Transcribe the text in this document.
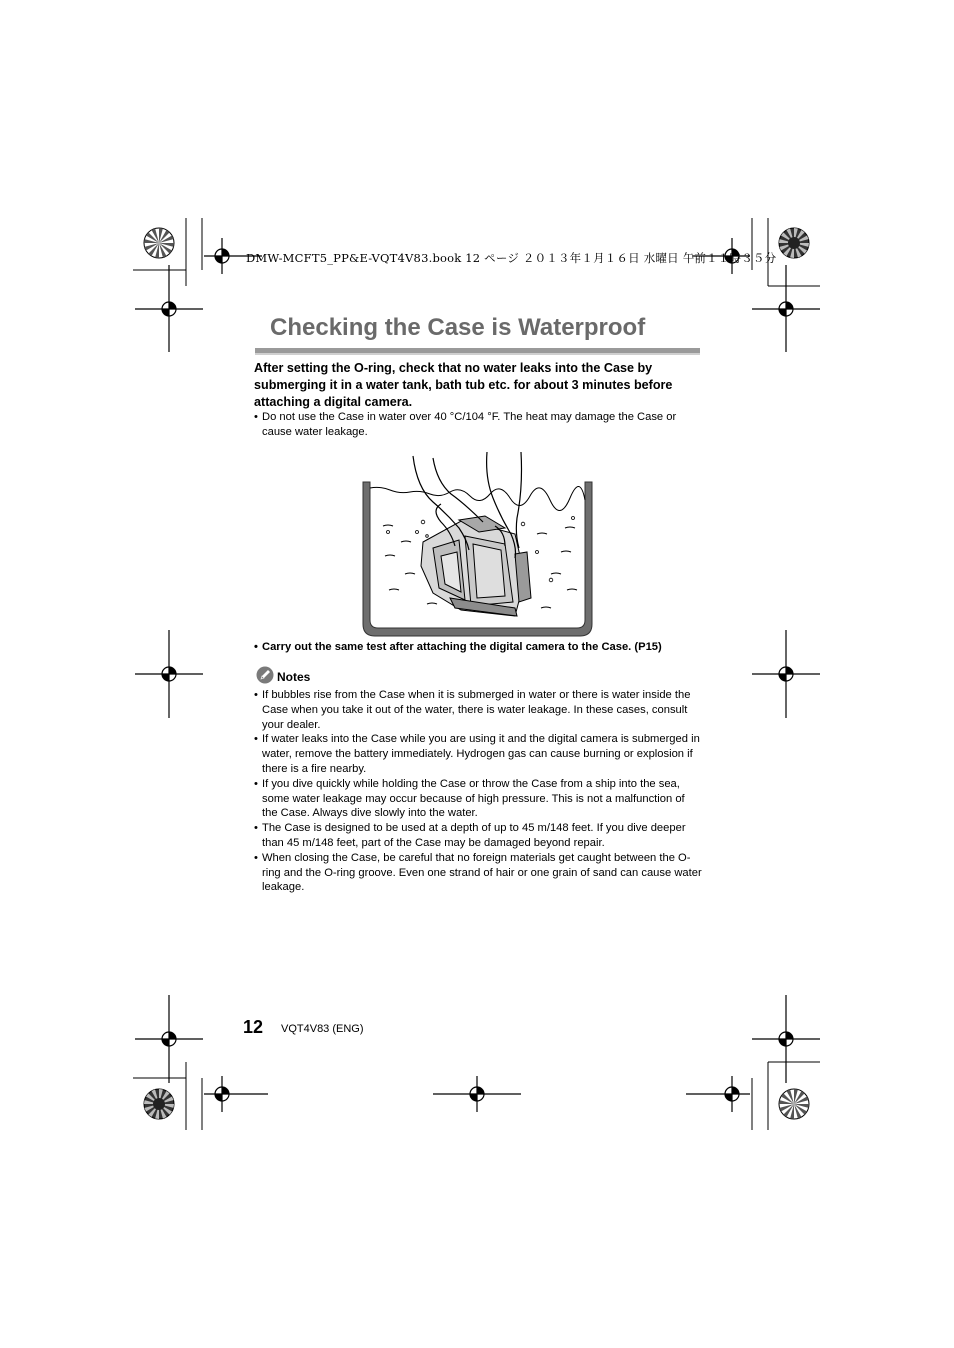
DMW-MCFT5_PP&E-VQT4V83.book 12 ページ ２０１３年１月１６日 水曜日 午前１１時３５分
Checking the Case is Waterproof
After setting the O-ring, check that no water leaks into the Case by submerging it in a water tank, bath tub etc. for about 3 minutes before attaching a digital camera.
• Do not use the Case in water over 40 °C/104 °F. The heat may damage the Case or cause water leakage.
• Carry out the same test after attaching the digital camera to the Case. (P15)
Notes
• If bubbles rise from the Case when it is submerged in water or there is water inside the Case when you take it out of the water, there is water leakage. In these cases, consult your dealer.
• If water leaks into the Case while you are using it and the digital camera is submerged in water, remove the battery immediately. Hydrogen gas can cause burning or explosion if there is a fire nearby.
• If you dive quickly while holding the Case or throw the Case from a ship into the sea, some water leakage may occur because of high pressure. This is not a malfunction of the Case. Always dive slowly into the water.
• The Case is designed to be used at a depth of up to 45 m/148 feet. If you dive deeper than 45 m/148 feet, part of the Case may be damaged beyond repair.
• When closing the Case, be careful that no foreign materials get caught between the O-ring and the O-ring groove. Even one strand of hair or one grain of sand can cause water leakage.
12 VQT4V83 (ENG)
